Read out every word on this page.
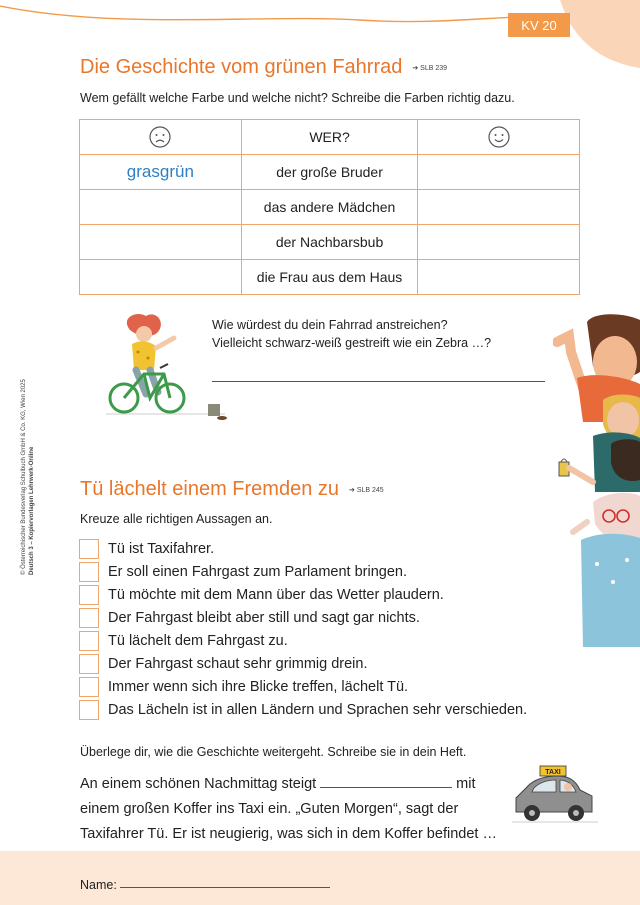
KV 20
© Österreichischer Bundesverlag Schulbuch GmbH & Co. KG, Wien 2025 Deutsch 3 – Kopiervorlagen Lehrwerk-Online
Die Geschichte vom grünen Fahrrad ➔ SLB 239
Wem gefällt welche Farbe und welche nicht? Schreibe die Farben richtig dazu.
	WER?	
grasgrün	der große Bruder	
	das andere Mädchen	
	der Nachbarsbub	
	die Frau aus dem Haus	
Wie würdest du dein Fahrrad anstreichen?
Vielleicht schwarz-weiß gestreift wie ein Zebra …?
Tü lächelt einem Fremden zu ➔ SLB 245
Kreuze alle richtigen Aussagen an.
Tü ist Taxifahrer.
Er soll einen Fahrgast zum Parlament bringen.
Tü möchte mit dem Mann über das Wetter plaudern.
Der Fahrgast bleibt aber still und sagt gar nichts.
Tü lächelt dem Fahrgast zu.
Der Fahrgast schaut sehr grimmig drein.
Immer wenn sich ihre Blicke treffen, lächelt Tü.
Das Lächeln ist in allen Ländern und Sprachen sehr verschieden.
Überlege dir, wie die Geschichte weitergeht. Schreibe sie in dein Heft.
An einem schönen Nachmittag steigt	mit
einem großen Koffer ins Taxi ein. „Guten Morgen“, sagt der
Taxifahrer Tü. Er ist neugierig, was sich in dem Koffer befindet …
TAXI
Name:
